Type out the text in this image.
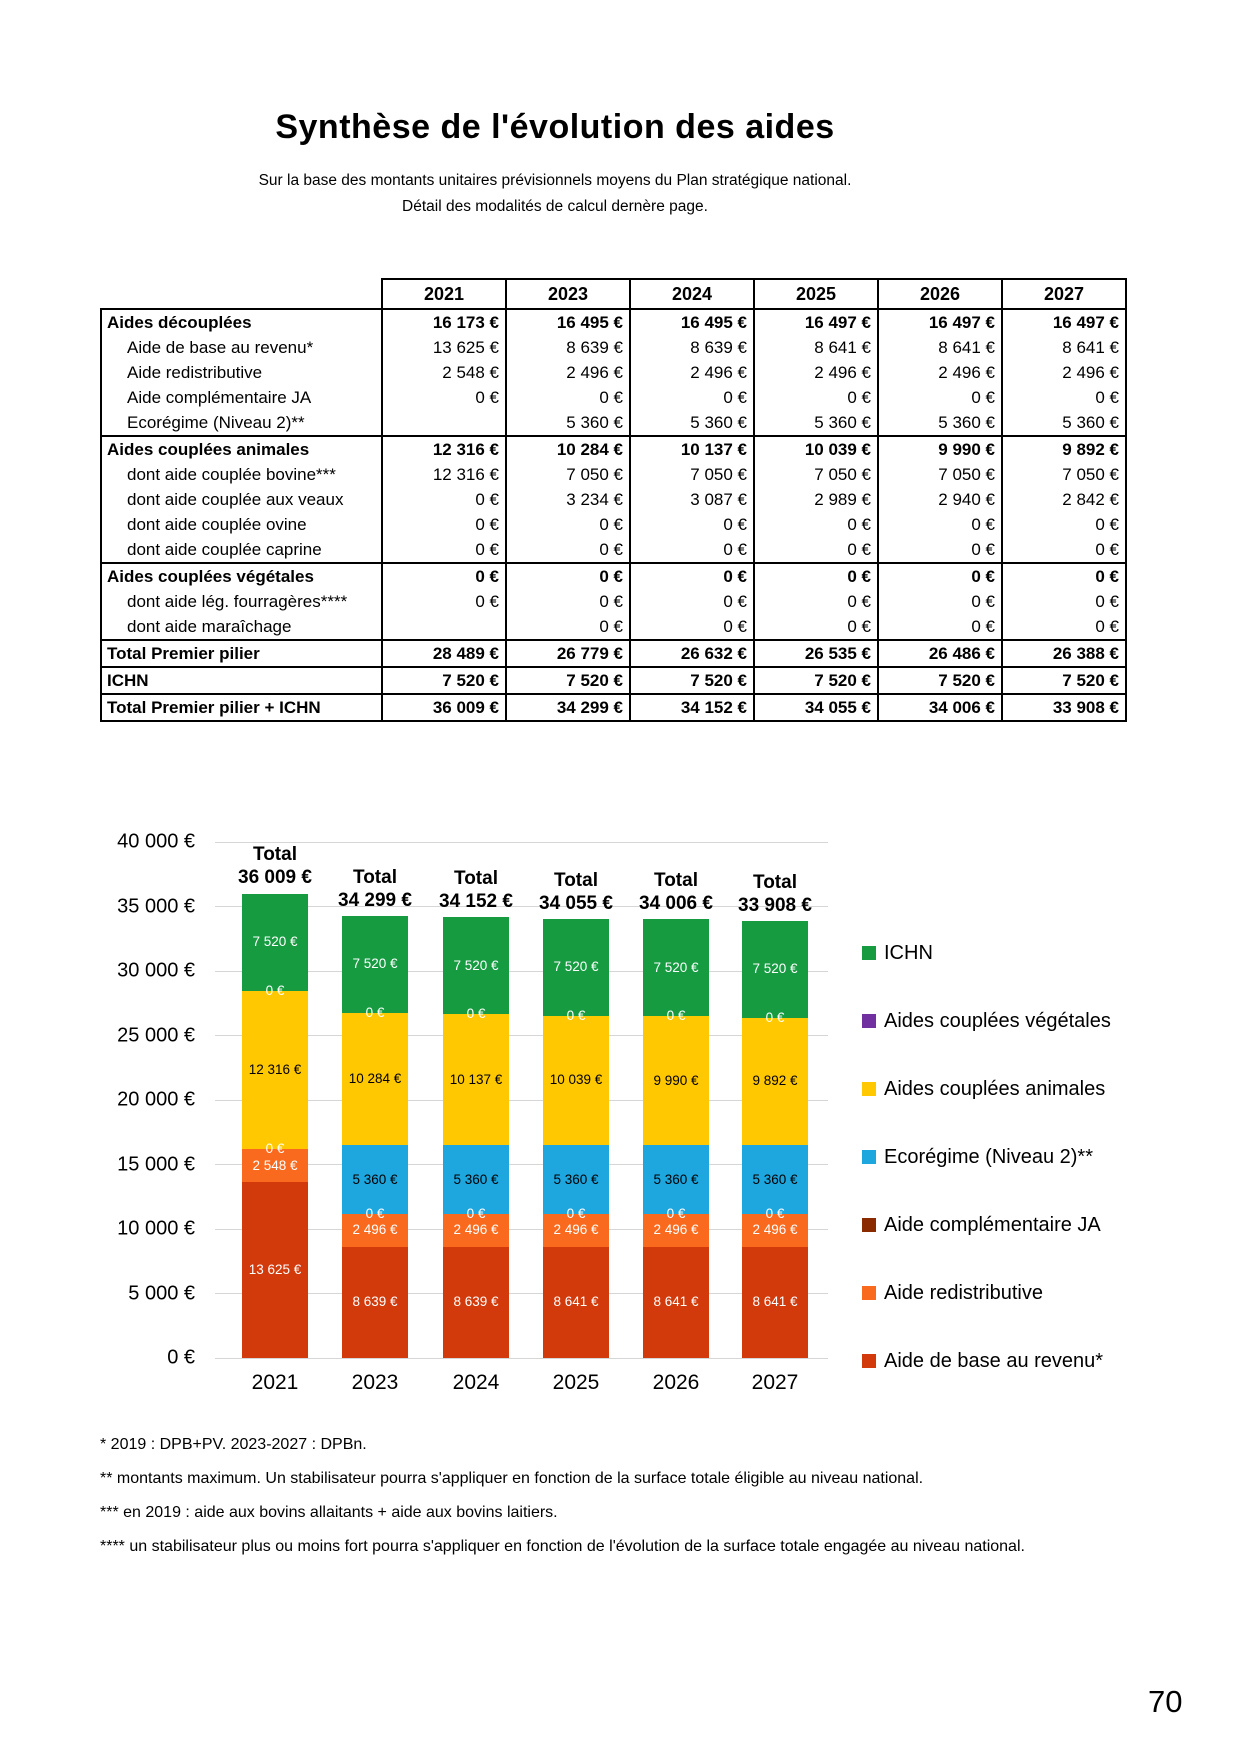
Synthèse de l'évolution des aides
Sur la base des montants unitaires prévisionnels moyens du Plan stratégique national.
Détail des modalités de calcul dernère page.
	2021	2023	2024	2025	2026	2027
Aides découplées	16 173 €	16 495 €	16 495 €	16 497 €	16 497 €	16 497 €
Aide de base au revenu*	13 625 €	8 639 €	8 639 €	8 641 €	8 641 €	8 641 €
Aide redistributive	2 548 €	2 496 €	2 496 €	2 496 €	2 496 €	2 496 €
Aide complémentaire JA	0 €	0 €	0 €	0 €	0 €	0 €
Ecorégime (Niveau 2)**		5 360 €	5 360 €	5 360 €	5 360 €	5 360 €
Aides couplées animales	12 316 €	10 284 €	10 137 €	10 039 €	9 990 €	9 892 €
dont aide couplée bovine***	12 316 €	7 050 €	7 050 €	7 050 €	7 050 €	7 050 €
dont aide couplée aux veaux	0 €	3 234 €	3 087 €	2 989 €	2 940 €	2 842 €
dont aide couplée ovine	0 €	0 €	0 €	0 €	0 €	0 €
dont aide couplée caprine	0 €	0 €	0 €	0 €	0 €	0 €
Aides couplées végétales	0 €	0 €	0 €	0 €	0 €	0 €
dont aide lég. fourragères****	0 €	0 €	0 €	0 €	0 €	0 €
dont aide maraîchage		0 €	0 €	0 €	0 €	0 €
Total Premier pilier	28 489 €	26 779 €	26 632 €	26 535 €	26 486 €	26 388 €
ICHN	7 520 €	7 520 €	7 520 €	7 520 €	7 520 €	7 520 €
Total Premier pilier + ICHN	36 009 €	34 299 €	34 152 €	34 055 €	34 006 €	33 908 €
0 €
5 000 €
10 000 €
15 000 €
20 000 €
25 000 €
30 000 €
35 000 €
40 000 €
13 625 €
2 548 €
0 €
12 316 €
0 €
7 520 €
Total
36 009 €
8 639 €
2 496 €
0 €
5 360 €
10 284 €
0 €
7 520 €
Total
34 299 €
8 639 €
2 496 €
0 €
5 360 €
10 137 €
0 €
7 520 €
Total
34 152 €
8 641 €
2 496 €
0 €
5 360 €
10 039 €
0 €
7 520 €
Total
34 055 €
8 641 €
2 496 €
0 €
5 360 €
9 990 €
0 €
7 520 €
Total
34 006 €
8 641 €
2 496 €
0 €
5 360 €
9 892 €
0 €
7 520 €
Total
33 908 €
2021	2023	2024	2025	2026	2027
ICHN
Aides couplées végétales
Aides couplées animales
Ecorégime (Niveau 2)**
Aide complémentaire JA
Aide redistributive
Aide de base au revenu*
* 2019 : DPB+PV. 2023-2027 : DPBn.
** montants maximum. Un stabilisateur pourra s'appliquer en fonction de la surface totale éligible au niveau national.
*** en 2019 : aide aux bovins allaitants + aide aux bovins laitiers.
**** un stabilisateur plus ou moins fort pourra s'appliquer en fonction de l'évolution de la surface totale engagée au niveau national.
70
